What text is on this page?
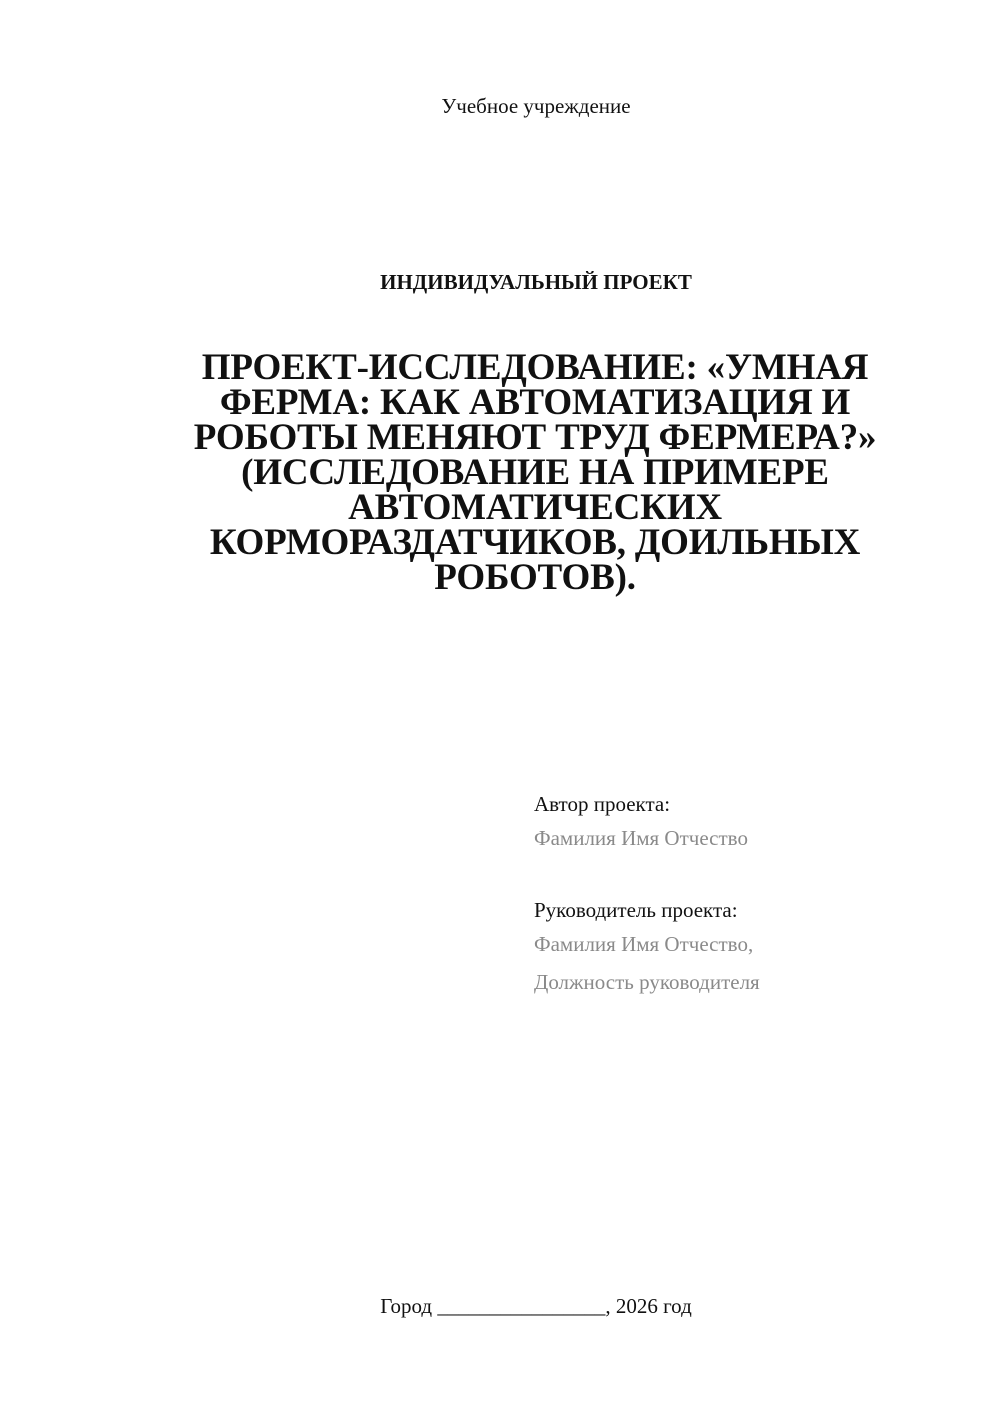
Учебное учреждение
ИНДИВИДУАЛЬНЫЙ ПРОЕКТ
ПРОЕКТ-ИССЛЕДОВАНИЕ: «УМНАЯ
ФЕРМА: КАК АВТОМАТИЗАЦИЯ И
РОБОТЫ МЕНЯЮТ ТРУД ФЕРМЕРА?»
(ИССЛЕДОВАНИЕ НА ПРИМЕРЕ
АВТОМАТИЧЕСКИХ
КОРМОРАЗДАТЧИКОВ, ДОИЛЬНЫХ
РОБОТОВ).
Автор проекта:
Фамилия Имя Отчество
Руководитель проекта:
Фамилия Имя Отчество,
Должность руководителя
Город ________________, 2026 год
